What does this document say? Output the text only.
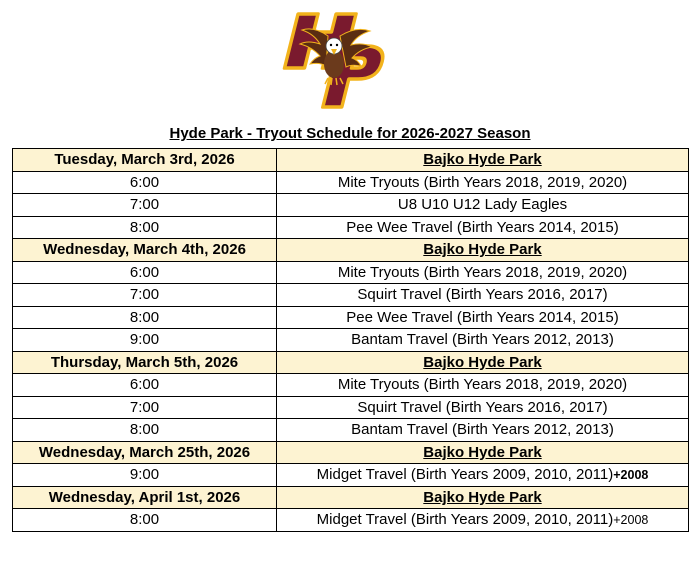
Hyde Park - Tryout Schedule for 2026-2027 Season
Tuesday, March 3rd, 2026	Bajko Hyde Park
6:00	Mite Tryouts (Birth Years 2018, 2019, 2020)
7:00	U8 U10 U12 Lady Eagles
8:00	Pee Wee Travel (Birth Years 2014, 2015)
Wednesday, March 4th, 2026	Bajko Hyde Park
6:00	Mite Tryouts (Birth Years 2018, 2019, 2020)
7:00	Squirt Travel (Birth Years 2016, 2017)
8:00	Pee Wee Travel (Birth Years 2014, 2015)
9:00	Bantam Travel (Birth Years 2012, 2013)
Thursday, March 5th, 2026	Bajko Hyde Park
6:00	Mite Tryouts (Birth Years 2018, 2019, 2020)
7:00	Squirt Travel (Birth Years 2016, 2017)
8:00	Bantam Travel (Birth Years 2012, 2013)
Wednesday, March 25th, 2026	Bajko Hyde Park
9:00	Midget Travel (Birth Years 2009, 2010, 2011)+2008
Wednesday, April 1st, 2026	Bajko Hyde Park
8:00	Midget Travel (Birth Years 2009, 2010, 2011)+2008
